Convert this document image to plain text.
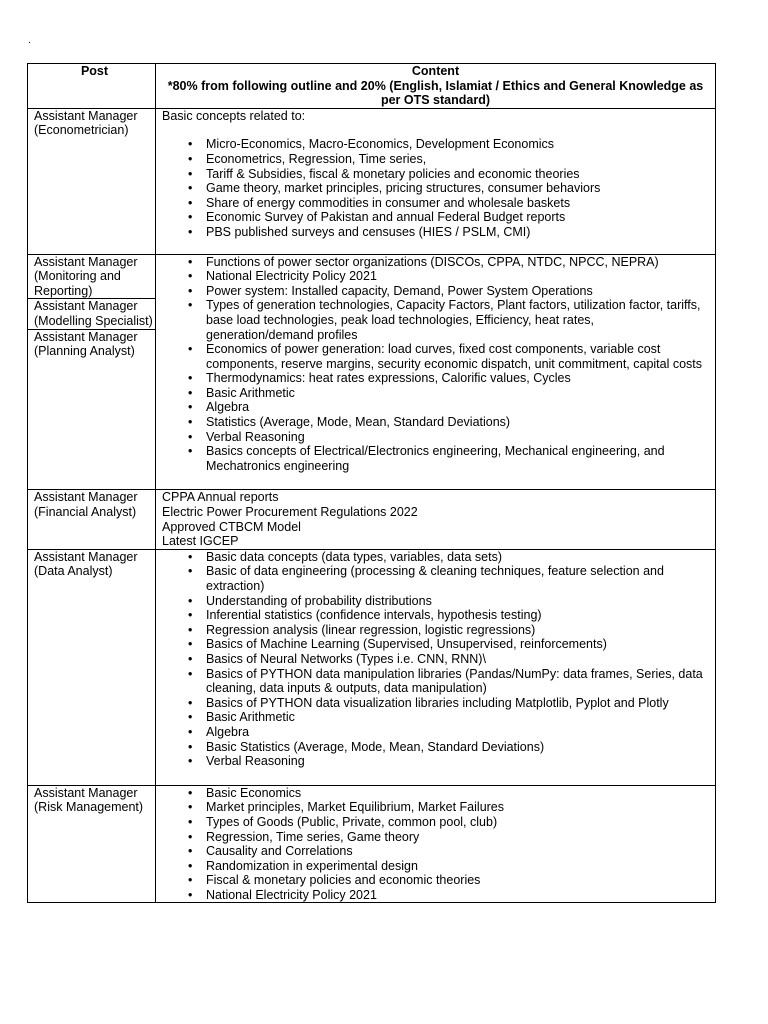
.
Post	Content
*80% from following outline and 20% (English, Islamiat / Ethics and General Knowledge as per OTS standard)
Assistant Manager (Econometrician)
Basic concepts related to:
• Micro-Economics, Macro-Economics, Development Economics
• Econometrics, Regression, Time series,
• Tariff & Subsidies, fiscal & monetary policies and economic theories
• Game theory, market principles, pricing structures, consumer behaviors
• Share of energy commodities in consumer and wholesale baskets
• Economic Survey of Pakistan and annual Federal Budget reports
• PBS published surveys and censuses (HIES / PSLM, CMI)
Assistant Manager (Monitoring and Reporting)
Assistant Manager (Modelling Specialist)
Assistant Manager (Planning Analyst)
• Functions of power sector organizations (DISCOs, CPPA, NTDC, NPCC, NEPRA)
• National Electricity Policy 2021
• Power system: Installed capacity, Demand, Power System Operations
• Types of generation technologies, Capacity Factors, Plant factors, utilization factor, tariffs, base load technologies, peak load technologies, Efficiency, heat rates, generation/demand profiles
• Economics of power generation: load curves, fixed cost components, variable cost components, reserve margins, security economic dispatch, unit commitment, capital costs
• Thermodynamics: heat rates expressions, Calorific values, Cycles
• Basic Arithmetic
• Algebra
• Statistics (Average, Mode, Mean, Standard Deviations)
• Verbal Reasoning
• Basics concepts of Electrical/Electronics engineering, Mechanical engineering, and Mechatronics engineering
Assistant Manager (Financial Analyst)
CPPA Annual reports
Electric Power Procurement Regulations 2022
Approved CTBCM Model
Latest IGCEP
Assistant Manager (Data Analyst)
• Basic data concepts (data types, variables, data sets)
• Basic of data engineering (processing & cleaning techniques, feature selection and extraction)
• Understanding of probability distributions
• Inferential statistics (confidence intervals, hypothesis testing)
• Regression analysis (linear regression, logistic regressions)
• Basics of Machine Learning (Supervised, Unsupervised, reinforcements)
• Basics of Neural Networks (Types i.e. CNN, RNN)\
• Basics of PYTHON data manipulation libraries (Pandas/NumPy: data frames, Series, data cleaning, data inputs & outputs, data manipulation)
• Basics of PYTHON data visualization libraries including Matplotlib, Pyplot and Plotly
• Basic Arithmetic
• Algebra
• Basic Statistics (Average, Mode, Mean, Standard Deviations)
• Verbal Reasoning
Assistant Manager (Risk Management)
• Basic Economics
• Market principles, Market Equilibrium, Market Failures
• Types of Goods (Public, Private, common pool, club)
• Regression, Time series, Game theory
• Causality and Correlations
• Randomization in experimental design
• Fiscal & monetary policies and economic theories
• National Electricity Policy 2021
